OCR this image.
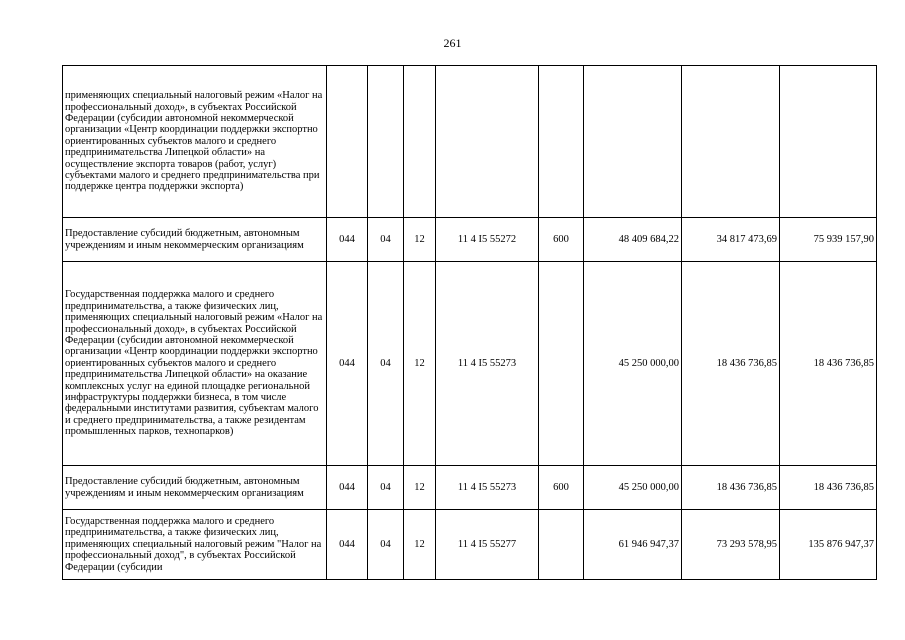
261
применяющих специальный налоговый режим «Налог на профессиональный доход», в субъектах Российской Федерации (субсидии автономной некоммерческой организации «Центр координации поддержки экспортно ориентированных субъектов малого и среднего предпринимательства Липецкой области» на осуществление экспорта товаров (работ, услуг) субъектами малого и среднего предпринимательства при поддержке центра поддержки экспорта)								
Предоставление субсидий бюджетным, автономным учреждениям и иным некоммерческим организациям	044	04	12	11 4 I5 55272	600	48 409 684,22	34 817 473,69	75 939 157,90
Государственная поддержка малого и среднего предпринимательства, а также физических лиц, применяющих специальный налоговый режим «Налог на профессиональный доход», в субъектах Российской Федерации (субсидии автономной некоммерческой организации «Центр координации поддержки экспортно ориентированных субъектов малого и среднего предпринимательства Липецкой области» на оказание комплексных услуг на единой площадке региональной инфраструктуры поддержки бизнеса, в том числе федеральными институтами развития, субъектам малого и среднего предпринимательства, а также резидентам промышленных парков, технопарков)	044	04	12	11 4 I5 55273		45 250 000,00	18 436 736,85	18 436 736,85
Предоставление субсидий бюджетным, автономным учреждениям и иным некоммерческим организациям	044	04	12	11 4 I5 55273	600	45 250 000,00	18 436 736,85	18 436 736,85
Государственная поддержка малого и среднего предпринимательства, а также физических лиц, применяющих специальный налоговый режим "Налог на профессиональный доход", в субъектах Российской Федерации (субсидии	044	04	12	11 4 I5 55277		61 946 947,37	73 293 578,95	135 876 947,37
